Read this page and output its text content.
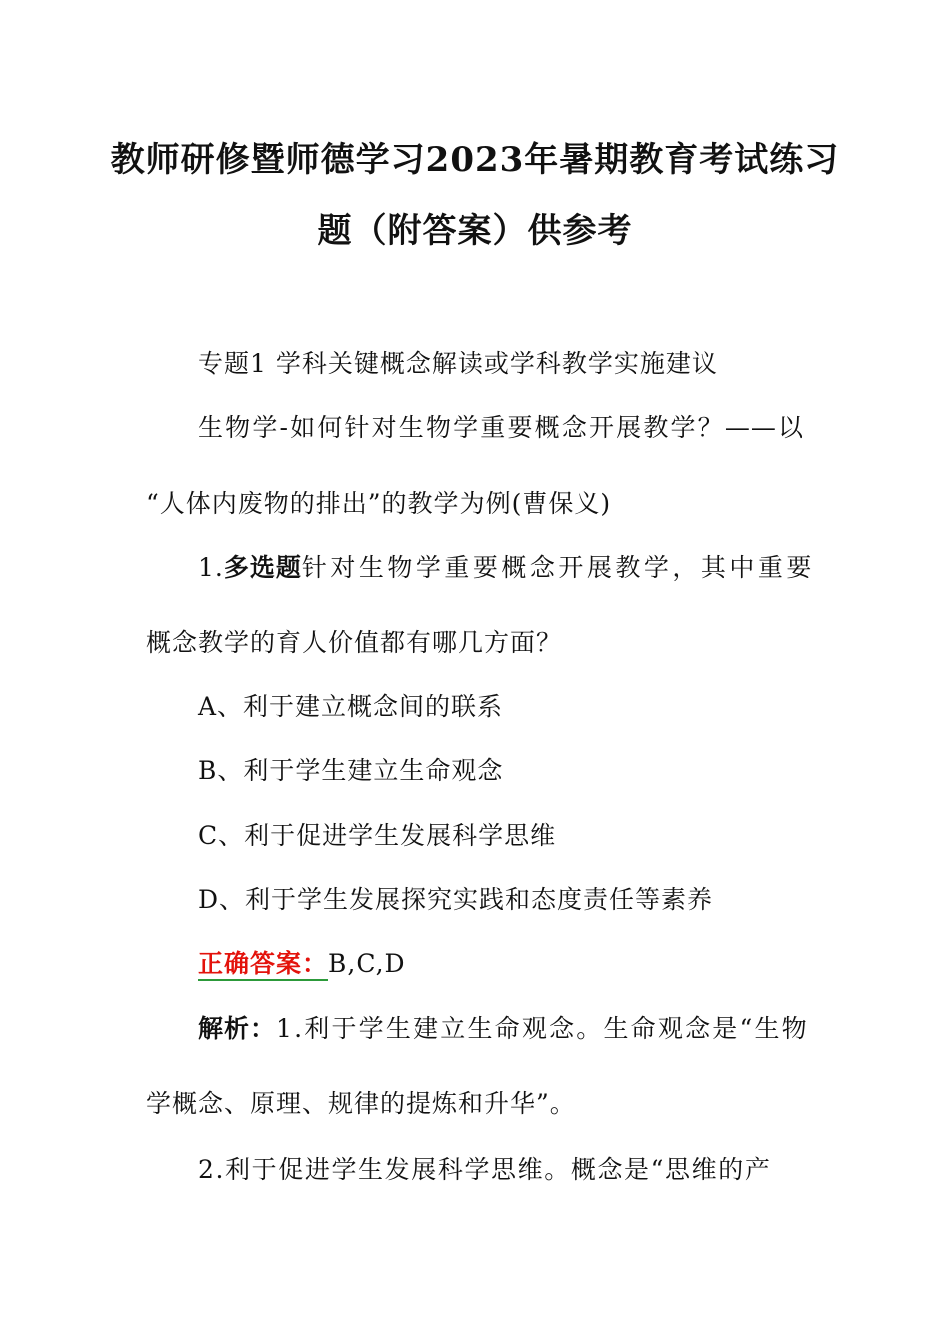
教师研修暨师德学习2023年暑期教育考试练习
题（附答案）供参考
专题1 学科关键概念解读或学科教学实施建议
生物学-如何针对生物学重要概念开展教学？——以
“人体内废物的排出”的教学为例(曹保义)
1.多选题 针对生物学重要概念开展教学，其中重要
概念教学的育人价值都有哪几方面？
A、利于建立概念间的联系
B、利于学生建立生命观念
C、利于促进学生发展科学思维
D、利于学生发展探究实践和态度责任等素养
正确答案：B,C,D
解析： 1.利于学生建立生命观念。生命观念是“生物
学概念、原理、规律的提炼和升华”。
2.利于促进学生发展科学思维。概念是“思维的产
